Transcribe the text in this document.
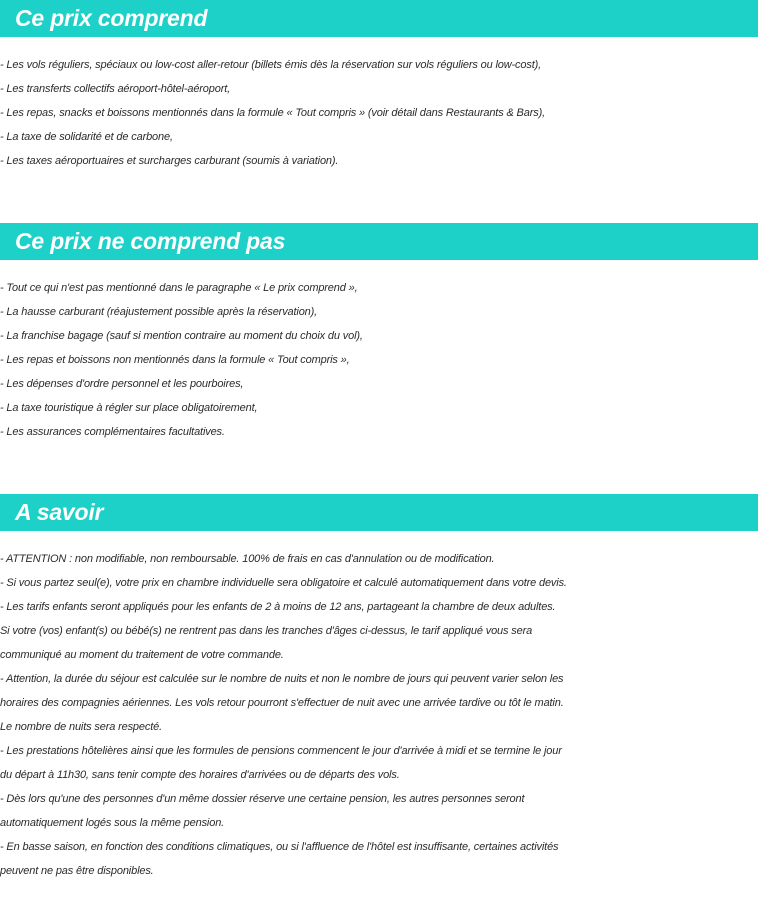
Ce prix comprend
- Les vols réguliers, spéciaux ou low-cost aller-retour (billets émis dès la réservation sur vols réguliers ou low-cost),
- Les transferts collectifs aéroport-hôtel-aéroport,
- Les repas, snacks et boissons mentionnés dans la formule « Tout compris » (voir détail dans Restaurants & Bars),
- La taxe de solidarité et de carbone,
- Les taxes aéroportuaires et surcharges carburant (soumis à variation).
Ce prix ne comprend pas
- Tout ce qui n'est pas mentionné dans le paragraphe « Le prix comprend »,
- La hausse carburant (réajustement possible après la réservation),
- La franchise bagage (sauf si mention contraire au moment du choix du vol),
- Les repas et boissons non mentionnés dans la formule « Tout compris »,
- Les dépenses d'ordre personnel et les pourboires,
- La taxe touristique à régler sur place obligatoirement,
- Les assurances complémentaires facultatives.
A savoir
- ATTENTION : non modifiable, non remboursable. 100% de frais en cas d'annulation ou de modification.
- Si vous partez seul(e), votre prix en chambre individuelle sera obligatoire et calculé automatiquement dans votre devis.
- Les tarifs enfants seront appliqués pour les enfants de 2 à moins de 12 ans, partageant la chambre de deux adultes.
Si votre (vos) enfant(s) ou bébé(s) ne rentrent pas dans les tranches d'âges ci-dessus, le tarif appliqué vous sera
communiqué au moment du traitement de votre commande.
- Attention, la durée du séjour est calculée sur le nombre de nuits et non le nombre de jours qui peuvent varier selon les
horaires des compagnies aériennes. Les vols retour pourront s'effectuer de nuit avec une arrivée tardive ou tôt le matin.
Le nombre de nuits sera respecté.
- Les prestations hôtelières ainsi que les formules de pensions commencent le jour d'arrivée à midi et se termine le jour
du départ à 11h30, sans tenir compte des horaires d'arrivées ou de départs des vols.
- Dès lors qu'une des personnes d'un même dossier réserve une certaine pension, les autres personnes seront
automatiquement logés sous la même pension.
- En basse saison, en fonction des conditions climatiques, ou si l'affluence de l'hôtel est insuffisante, certaines activités
peuvent ne pas être disponibles.
